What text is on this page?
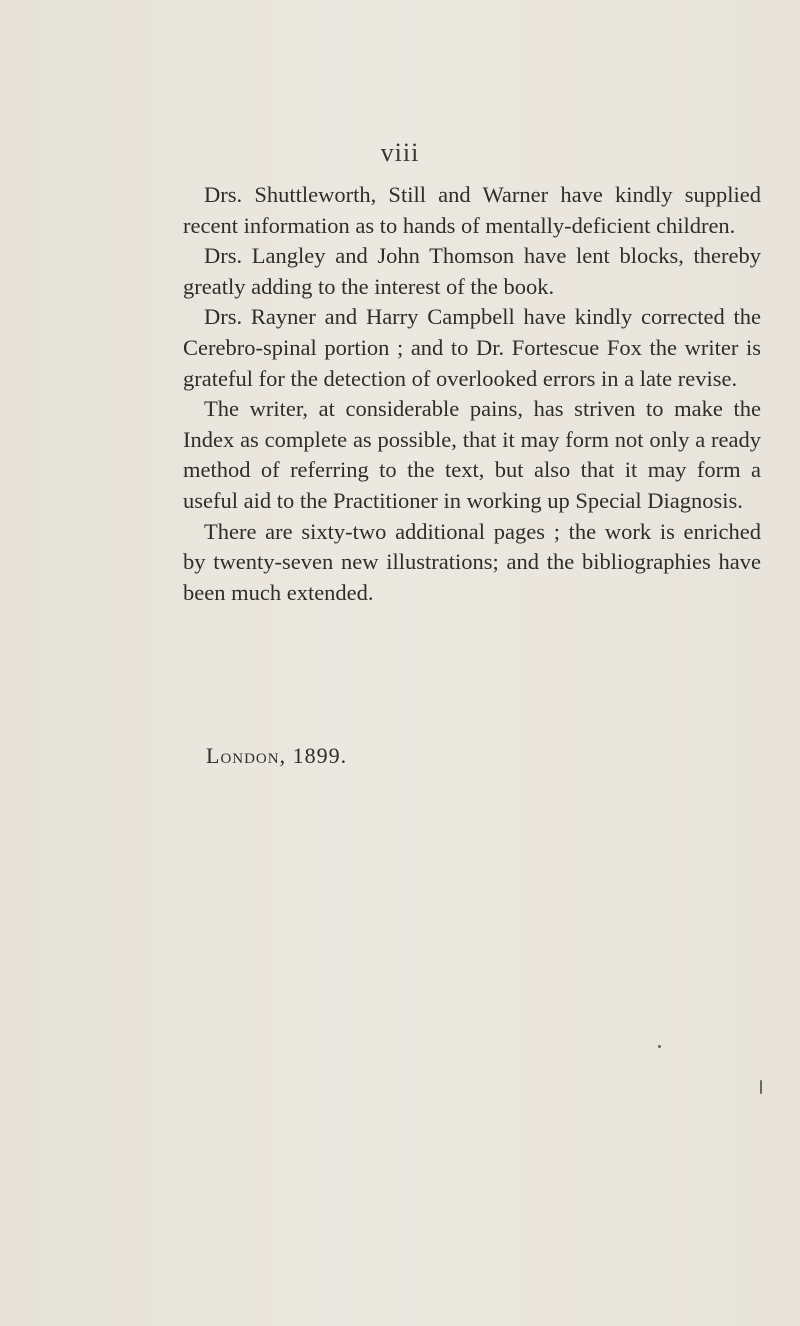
viii

Drs. Shuttleworth, Still and Warner have kindly supplied recent information as to hands of mentally-deficient children.

Drs. Langley and John Thomson have lent blocks, thereby greatly adding to the interest of the book.

Drs. Rayner and Harry Campbell have kindly corrected the Cerebro-spinal portion ; and to Dr. Fortescue Fox the writer is grateful for the detection of overlooked errors in a late revise.

The writer, at considerable pains, has striven to make the Index as complete as possible, that it may form not only a ready method of referring to the text, but also that it may form a useful aid to the Practitioner in working up Special Diagnosis.

There are sixty-two additional pages ; the work is enriched by twenty-seven new illustrations; and the bibliographies have been much extended.

London, 1899.
